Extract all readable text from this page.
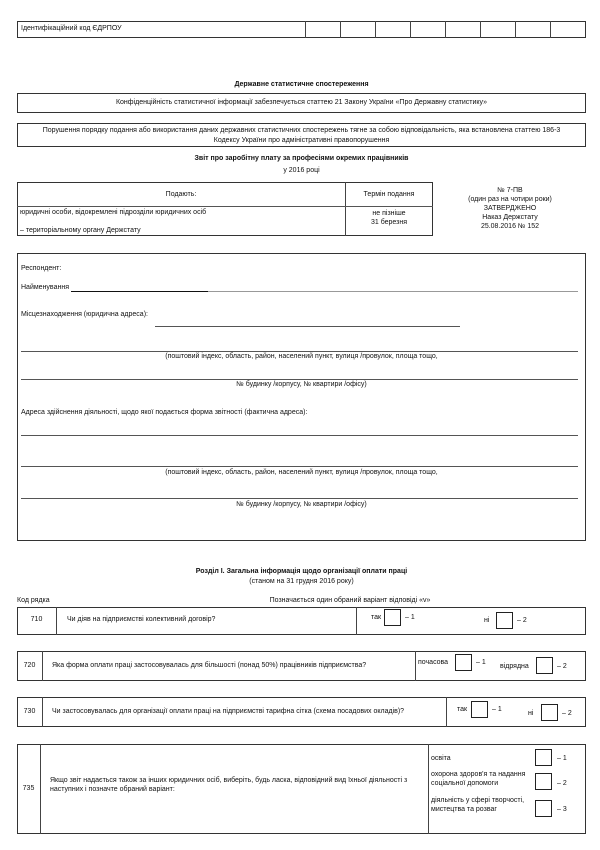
Ідентифікаційний код ЄДРПОУ
Державне статистичне спостереження
Конфіденційність статистичної інформації забезпечується статтею 21 Закону України «Про Державну статистику»
Порушення порядку подання або використання даних державних статистичних спостережень тягне за собою відповідальність, яка встановлена статтею 186-3
Кодексу України про адміністративні правопорушення
Звіт про заробітну плату за професіями окремих працівників
у 2016 році
Подають:	Термін подання
юридичні особи, відокремлені підрозділи юридичних осіб
– територіальному органу Держстату
не пізніше
31 березня
№ 7-ПВ
(один раз на чотири роки)
ЗАТВЕРДЖЕНО
Наказ Держстату
25.08.2016 № 152
Респондент:
Найменування
Місцезнаходження (юридична адреса):
(поштовий індекс, область, район, населений пункт, вулиця /провулок, площа тощо,
№ будинку /корпусу, № квартири /офісу)
Адреса здійснення діяльності, щодо якої подається форма звітності (фактична адреса):
(поштовий індекс, область, район, населений пункт, вулиця /провулок, площа тощо,
№ будинку /корпусу, № квартири /офісу)
Розділ І. Загальна інформація щодо організації оплати праці
(станом на 31 грудня 2016 року)
Код рядка	Позначається один обраний варіант відповіді «v»
710	Чи діяв на підприємстві колективний договір?	так	– 1	ні	– 2
720	Яка форма оплати праці застосовувалась для більшості (понад 50%) працівників підприємства?	почасова	– 1
відрядна	– 2
730	Чи застосовувалась для організації оплати праці на підприємстві тарифна сітка (схема посадових окладів)?	так	– 1
ні	– 2
735
Якщо звіт надається також за інших юридичних осіб, виберіть, будь ласка, відповідний вид їхньої діяльності з наступних і позначте обраний варіант:
освіта	– 1
охорона здоров'я та надання
соціальної допомоги	– 2
діяльність у сфері творчості,
мистецтва та розваг	– 3
